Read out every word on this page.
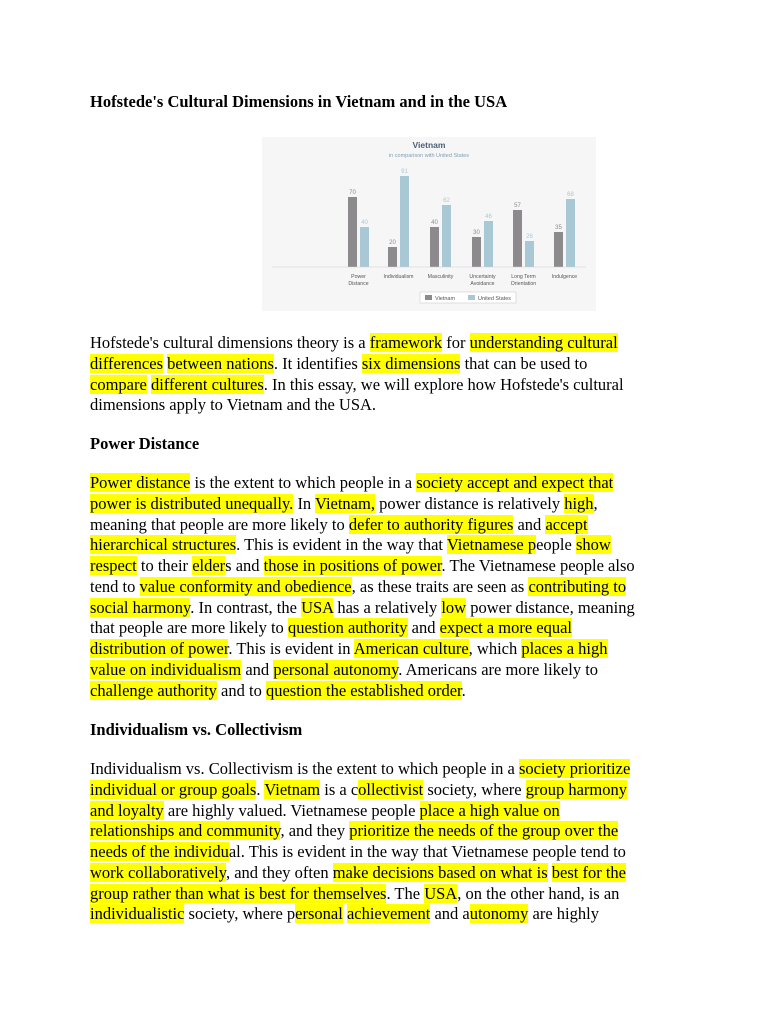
Hofstede's Cultural Dimensions in Vietnam and in the USA
Vietnam
in comparison with United States
70
40
Power
Distance
20
91
Individualism
40
62
Masculinity
30
46
Uncertainty
Avoidance
57
26
Long Term
Orientation
35
68
Indulgence
Vietnam	United States
Hofstede's cultural dimensions theory is a framework for understanding cultural
differences between nations. It identifies six dimensions that can be used to
compare different cultures. In this essay, we will explore how Hofstede's cultural
dimensions apply to Vietnam and the USA.
Power Distance
Power distance is the extent to which people in a society accept and expect that
power is distributed unequally. In Vietnam, power distance is relatively high,
meaning that people are more likely to defer to authority figures and accept
hierarchical structures. This is evident in the way that Vietnamese people show
respect to their elders and those in positions of power. The Vietnamese people also
tend to value conformity and obedience, as these traits are seen as contributing to
social harmony. In contrast, the USA has a relatively low power distance, meaning
that people are more likely to question authority and expect a more equal
distribution of power. This is evident in American culture, which places a high
value on individualism and personal autonomy. Americans are more likely to
challenge authority and to question the established order.
Individualism vs. Collectivism
Individualism vs. Collectivism is the extent to which people in a society prioritize
individual or group goals. Vietnam is a collectivist society, where group harmony
and loyalty are highly valued. Vietnamese people place a high value on
relationships and community, and they prioritize the needs of the group over the
needs of the individual. This is evident in the way that Vietnamese people tend to
work collaboratively, and they often make decisions based on what is best for the
group rather than what is best for themselves. The USA, on the other hand, is an
individualistic society, where personal achievement and autonomy are highly
